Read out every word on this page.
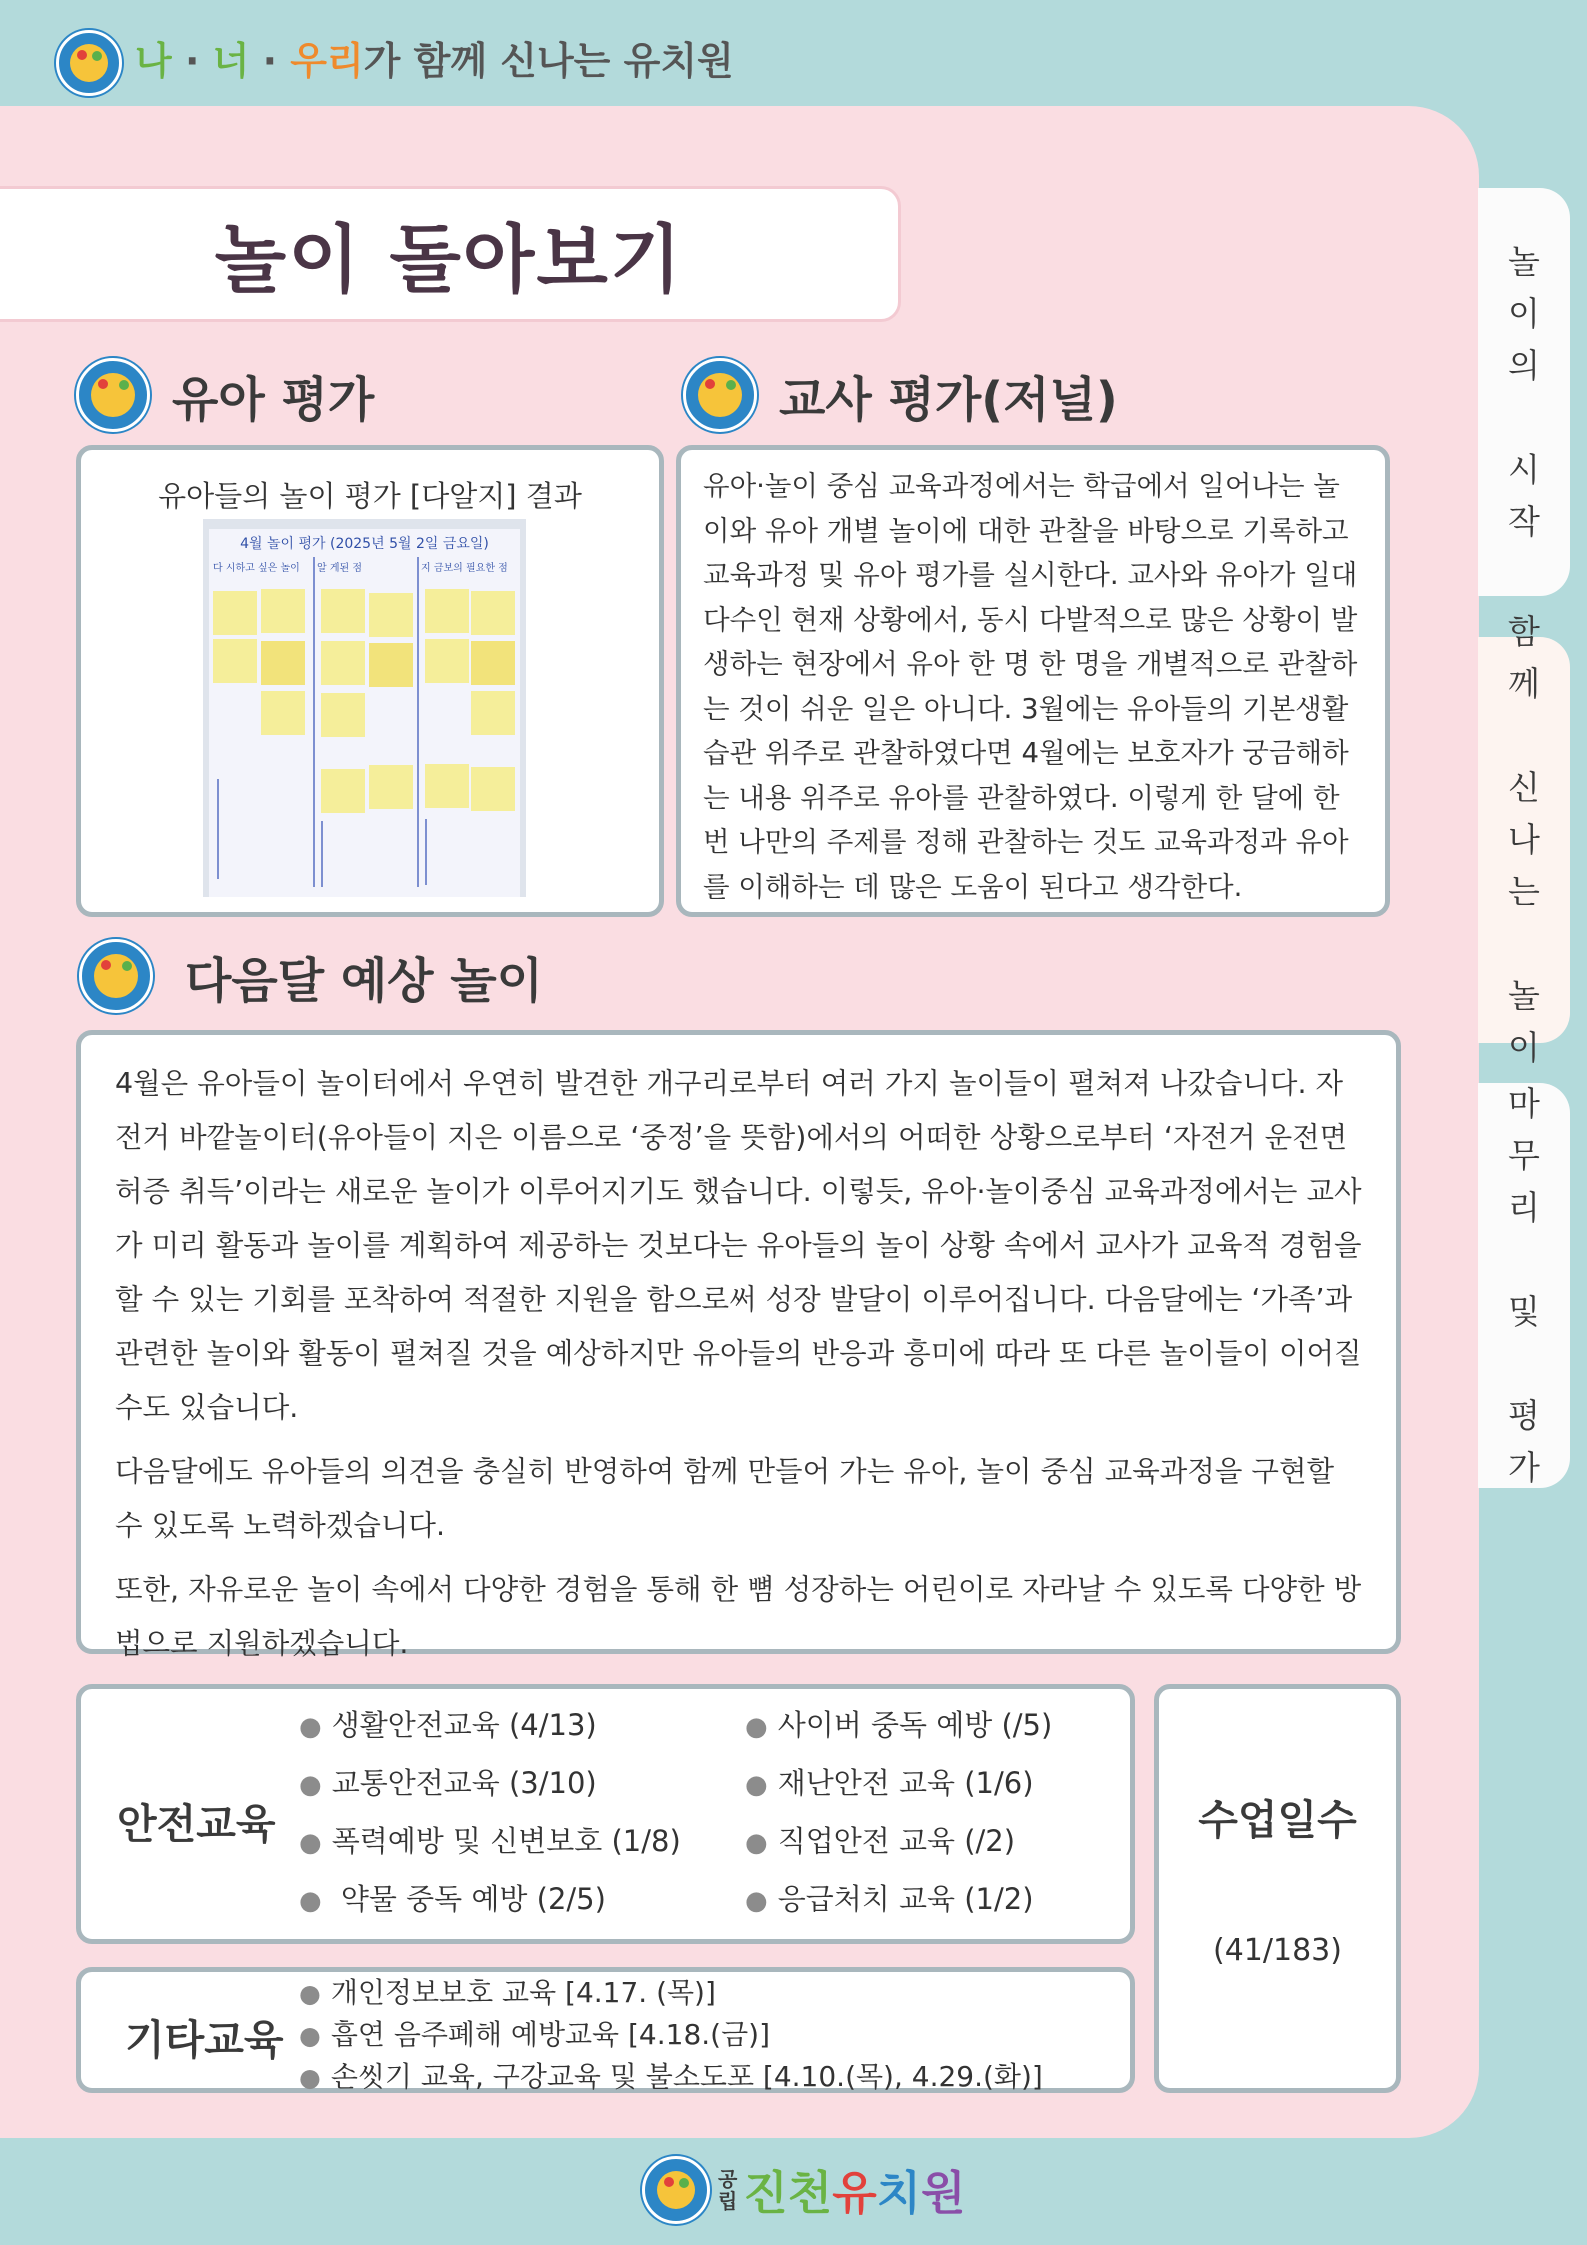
나 · 너 · 우리가 함께 신나는 유치원
놀
이
의
시
작
함
께
신
나
는
놀
이
마
무
리
및
평
가
놀이 돌아보기
유아 평가
유아들의 놀이 평가 [다알지] 결과
4월 놀이 평가 (2025년 5월 2일 금요일)
다 시하고 싶은 놀이	알 게된 점	지 금보의 필요한 점
교사 평가(저널)
유아·놀이 중심 교육과정에서는 학급에서 일어나는 놀이와 유아 개별 놀이에 대한 관찰을 바탕으로 기록하고 교육과정 및 유아 평가를 실시한다. 교사와 유아가 일대 다수인 현재 상황에서, 동시 다발적으로 많은 상황이 발생하는 현장에서 유아 한 명 한 명을 개별적으로 관찰하는 것이 쉬운 일은 아니다. 3월에는 유아들의 기본생활습관 위주로 관찰하였다면 4월에는 보호자가 궁금해하는 내용 위주로 유아를 관찰하였다. 이렇게 한 달에 한 번 나만의 주제를 정해 관찰하는 것도 교육과정과 유아를 이해하는 데 많은 도움이 된다고 생각한다.
다음달 예상 놀이

4월은 유아들이 놀이터에서 우연히 발견한 개구리로부터 여러 가지 놀이들이 펼쳐져 나갔습니다. 자전거 바깥놀이터(유아들이 지은 이름으로 ‘중정’을 뜻함)에서의 어떠한 상황으로부터 ‘자전거 운전면허증 취득’이라는 새로운 놀이가 이루어지기도 했습니다. 이렇듯, 유아·놀이중심 교육과정에서는 교사가 미리 활동과 놀이를 계획하여 제공하는 것보다는 유아들의 놀이 상황 속에서 교사가 교육적 경험을 할 수 있는 기회를 포착하여 적절한 지원을 함으로써 성장 발달이 이루어집니다. 다음달에는 ‘가족’과 관련한 놀이와 활동이 펼쳐질 것을 예상하지만 유아들의 반응과 흥미에 따라 또 다른 놀이들이 이어질 수도 있습니다.

다음달에도 유아들의 의견을 충실히 반영하여 함께 만들어 가는 유아, 놀이 중심 교육과정을 구현할 수 있도록 노력하겠습니다.

또한, 자유로운 놀이 속에서 다양한 경험을 통해 한 뼘 성장하는 어린이로 자라날 수 있도록 다양한 방법으로 지원하겠습니다.

안전교육
● 생활안전교육 (4/13)
● 교통안전교육 (3/10)
● 폭력예방 및 신변보호 (1/8)
● 약물 중독 예방 (2/5)
● 사이버 중독 예방 (/5)
● 재난안전 교육 (1/6)
● 직업안전 교육 (/2)
● 응급처치 교육 (1/2)
기타교육
● 개인정보보호 교육 [4.17. (목)]
● 흡연 음주폐해 예방교육 [4.18.(금)]
● 손씻기 교육, 구강교육 및 불소도포 [4.10.(목), 4.29.(화)]
수업일수
(41/183)
공
립 진천유치원
